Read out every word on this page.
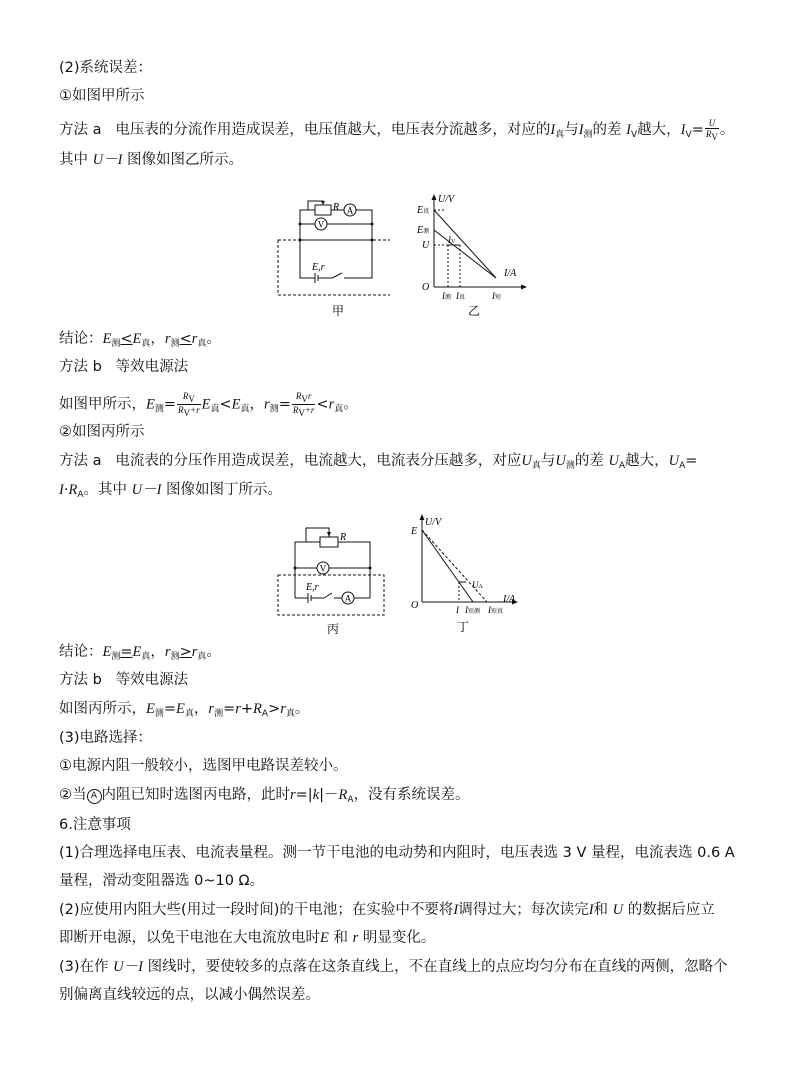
(2)系统误差：
①如图甲所示
方法 a 电压表的分流作用造成误差，电压值越大，电压表分流越多，对应的$I_真$与$I_测$的差 $I_V$越大，$I_V= \frac{U}{RV}$ 。
其中 U－I 图像如图乙所示。
R A
V
E,r
甲
U/V
I/A
O
E真
E测
U IV
I测 I真	I短
乙
结论：$E_测<E_真$，$r_测<r_真$。
方法 b 等效电源法
如图甲所示，$E_测= \frac{RV}{RV+r} E_真<E_真$，$r_测= \frac{\text{RVr}}{RV+r} <r_真$。
②如图丙所示
方法 a 电流表的分压作用造成误差，电流越大，电流表分压越多，对应$U_真$与$U_测$的差 $U_A$越大，$U_A=$
$I\cdot R_A$。其中 U－I 图像如图丁所示。
R
V
E,r
A
丙
U/V
I/A
O
E
UA
I I短测 I短真
丁
结论：$E_测=E_真$，$r_测>r_真$。
方法 b 等效电源法
如图丙所示，$E_测=E_真$，$r_测=r+R_A>r_真$。
(3)电路选择：
①电源内阻一般较小，选图甲电路误差较小。
②当 A 内阻已知时选图丙电路，此时$r=|k|-R_A$，没有系统误差。
6.注意事项
(1)合理选择电压表、电流表量程。测一节干电池的电动势和内阻时，电压表选 3 V 量程，电流表选 0.6 A
量程，滑动变阻器选 0~10 Ω。
(2)应使用内阻大些(用过一段时间)的干电池；在实验中不要将I调得过大；每次读完I和 U 的数据后应立
即断开电源，以免干电池在大电流放电时E 和 r 明显变化。
(3)在作 U－I 图线时，要使较多的点落在这条直线上，不在直线上的点应均匀分布在直线的两侧，忽略个
别偏离直线较远的点，以减小偶然误差。
